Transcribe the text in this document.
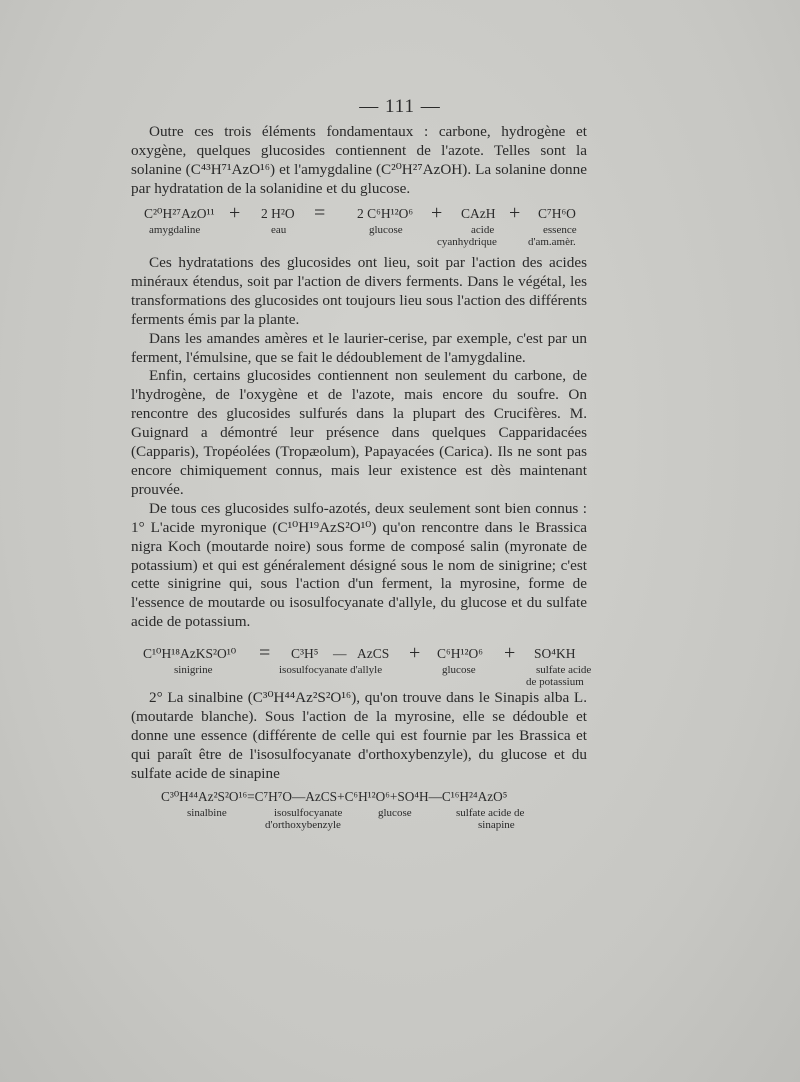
— 111 —

Outre ces trois éléments fondamentaux : carbone, hydrogène et oxygène, quelques glucosides contiennent de l'azote. Telles sont la solanine (C⁴³H⁷¹AzO¹⁶) et l'amygdaline (C²⁰H²⁷AzOH). La solanine donne par hydratation de la solanidine et du glucose.

C²⁰H²⁷AzO¹¹ + 2 H²O = 2 C⁶H¹²O⁶ + CAzH + C⁷H⁶O
amygdaline	eau	glucose	acide	essence
cyanhydrique	d'am.amèr.

Ces hydratations des glucosides ont lieu, soit par l'action des acides minéraux étendus, soit par l'action de divers ferments. Dans le végétal, les transformations des glucosides ont toujours lieu sous l'action des différents ferments émis par la plante.

Dans les amandes amères et le laurier-cerise, par exemple, c'est par un ferment, l'émulsine, que se fait le dédoublement de l'amygdaline.

Enfin, certains glucosides contiennent non seulement du carbone, de l'hydrogène, de l'oxygène et de l'azote, mais encore du soufre. On rencontre des glucosides sulfurés dans la plupart des Crucifères. M. Guignard a démontré leur présence dans quelques Capparidacées (Capparis), Tropéolées (Tropæolum), Papayacées (Carica). Ils ne sont pas encore chimiquement connus, mais leur existence est dès maintenant prouvée.

De tous ces glucosides sulfo-azotés, deux seulement sont bien connus : 1° L'acide myronique (C¹⁰H¹⁹AzS²O¹⁰) qu'on rencontre dans le Brassica nigra Koch (moutarde noire) sous forme de composé salin (myronate de potassium) et qui est généralement désigné sous le nom de sinigrine; c'est cette sinigrine qui, sous l'action d'un ferment, la myrosine, forme de l'essence de moutarde ou isosulfocyanate d'allyle, du glucose et du sulfate acide de potassium.

C¹⁰H¹⁸AzKS²O¹⁰ = C³H⁵ — AzCS + C⁶H¹²O⁶ + SO⁴KH
sinigrine	isosulfocyanate d'allyle	glucose	sulfate acide
de potassium

2° La sinalbine (C³⁰H⁴⁴Az²S²O¹⁶), qu'on trouve dans le Sinapis alba L. (moutarde blanche). Sous l'action de la myrosine, elle se dédouble et donne une essence (différente de celle qui est fournie par les Brassica et qui paraît être de l'isosulfocyanate d'orthoxybenzyle), du glucose et du sulfate acide de sinapine

C³⁰H⁴⁴Az²S²O¹⁶=C⁷H⁷O—AzCS+C⁶H¹²O⁶+SO⁴H—C¹⁶H²⁴AzO⁵
sinalbine	isosulfocyanate	glucose	sulfate acide de
d'orthoxybenzyle	sinapine
